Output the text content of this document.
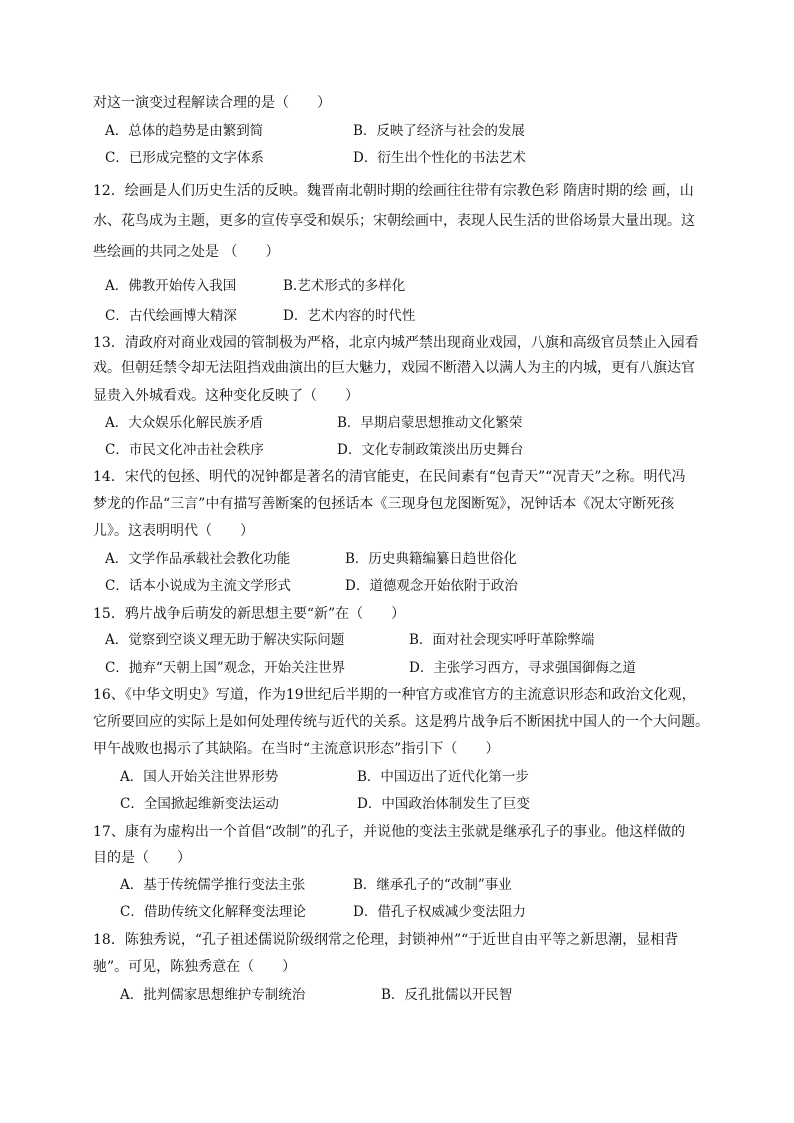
对这一演变过程解读合理的是（　　）
A．总体的趋势是由繁到简	B．反映了经济与社会的发展
C．已形成完整的文字体系	D．衍生出个性化的书法艺术
12．绘画是人们历史生活的反映。魏晋南北朝时期的绘画往往带有宗教色彩 隋唐时期的绘 画，山
水、花鸟成为主题，更多的宣传享受和娱乐；宋朝绘画中，表现人民生活的世俗场景大量出现。这
些绘画的共同之处是 （　　）
A．佛教开始传入我国	B.艺术形式的多样化
C．古代绘画博大精深	D．艺术内容的时代性
13．清政府对商业戏园的管制极为严格，北京内城严禁出现商业戏园，八旗和高级官员禁止入园看
戏。但朝廷禁令却无法阻挡戏曲演出的巨大魅力，戏园不断潜入以满人为主的内城，更有八旗达官
显贵入外城看戏。这种变化反映了（　　）
A．大众娱乐化解民族矛盾	B．早期启蒙思想推动文化繁荣
C．市民文化冲击社会秩序	D．文化专制政策淡出历史舞台
14．宋代的包拯、明代的况钟都是著名的清官能吏，在民间素有“包青天”“况青天”之称。明代冯
梦龙的作品“三言”中有描写善断案的包拯话本《三现身包龙图断冤》，况钟话本《况太守断死孩
儿》。这表明明代（　　）
A．文学作品承载社会教化功能	B．历史典籍编纂日趋世俗化
C．话本小说成为主流文学形式	D．道德观念开始依附于政治
15．鸦片战争后萌发的新思想主要“新”在（　　）
A．觉察到空谈义理无助于解决实际问题	B．面对社会现实呼吁革除弊端
C．抛弃“天朝上国”观念，开始关注世界	D．主张学习西方，寻求强国御侮之道
16、《中华文明史》写道，作为19世纪后半期的一种官方或准官方的主流意识形态和政治文化观，
它所要回应的实际上是如何处理传统与近代的关系。这是鸦片战争后不断困扰中国人的一个大问题。
甲午战败也揭示了其缺陷。在当时“主流意识形态”指引下（　　）
A．国人开始关注世界形势	B．中国迈出了近代化第一步
C．全国掀起维新变法运动	D．中国政治体制发生了巨变
17、康有为虚构出一个首倡“改制”的孔子，并说他的变法主张就是继承孔子的事业。他这样做的
目的是（　　）
A．基于传统儒学推行变法主张	B．继承孔子的“改制”事业
C．借助传统文化解释变法理论	D．借孔子权威减少变法阻力
18．陈独秀说，“孔子祖述儒说阶级纲常之伦理，封锁神州”“于近世自由平等之新思潮，显相背
驰”。可见，陈独秀意在（　　）
A．批判儒家思想维护专制统治	B．反孔批儒以开民智
